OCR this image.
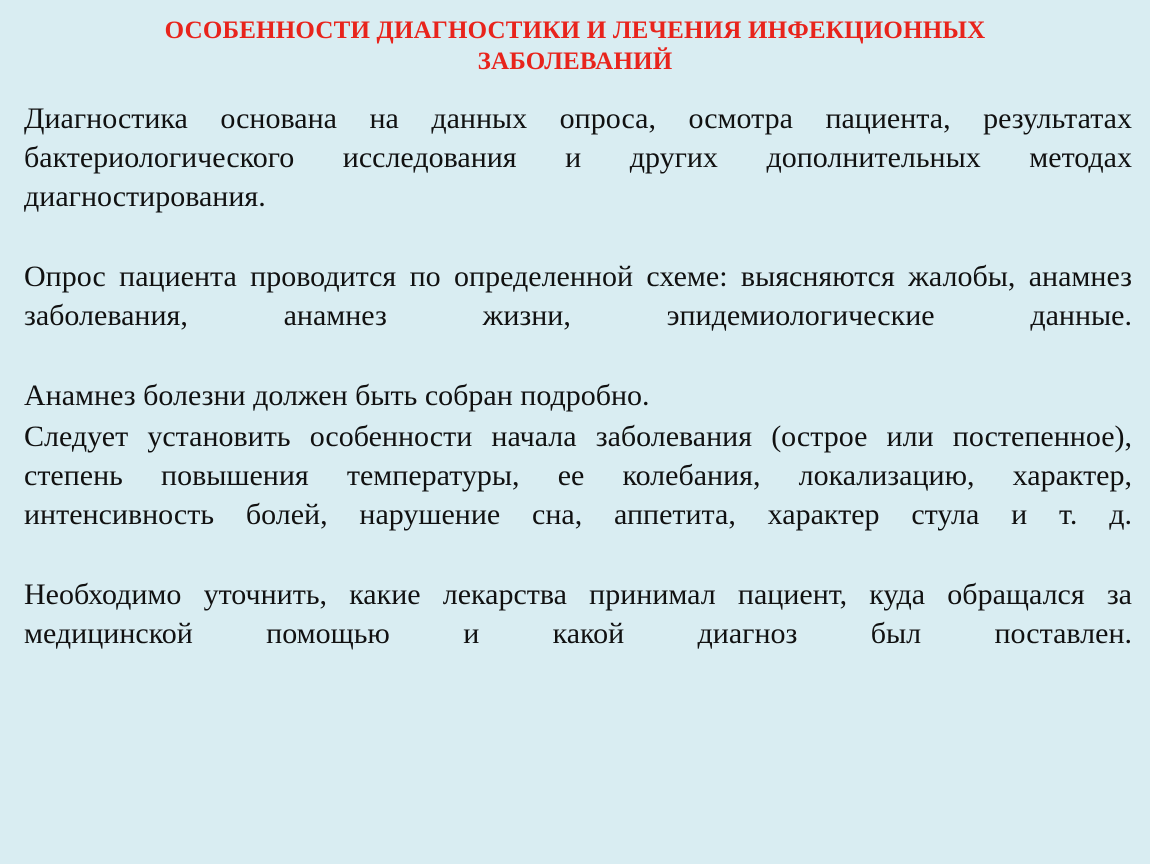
ОСОБЕННОСТИ ДИАГНОСТИКИ И ЛЕЧЕНИЯ ИНФЕКЦИОННЫХ ЗАБОЛЕВАНИЙ

Диагностика основана на данных опроса, осмотра пациента, результатах бактериологического исследования и других дополнительных методах диагностирования.

Опрос пациента проводится по определенной схеме: выясняются жалобы, анамнез заболевания, анамнез жизни, эпидемиологические данные.

Анамнез болезни должен быть собран подробно.

Следует установить особенности начала заболевания (острое или постепенное), степень повышения температуры, ее колебания, локализацию, характер, интенсивность болей, нарушение сна, аппетита, характер стула и т. д.

Необходимо уточнить, какие лекарства принимал пациент, куда обращался за медицинской помощью и какой диагноз был поставлен.
